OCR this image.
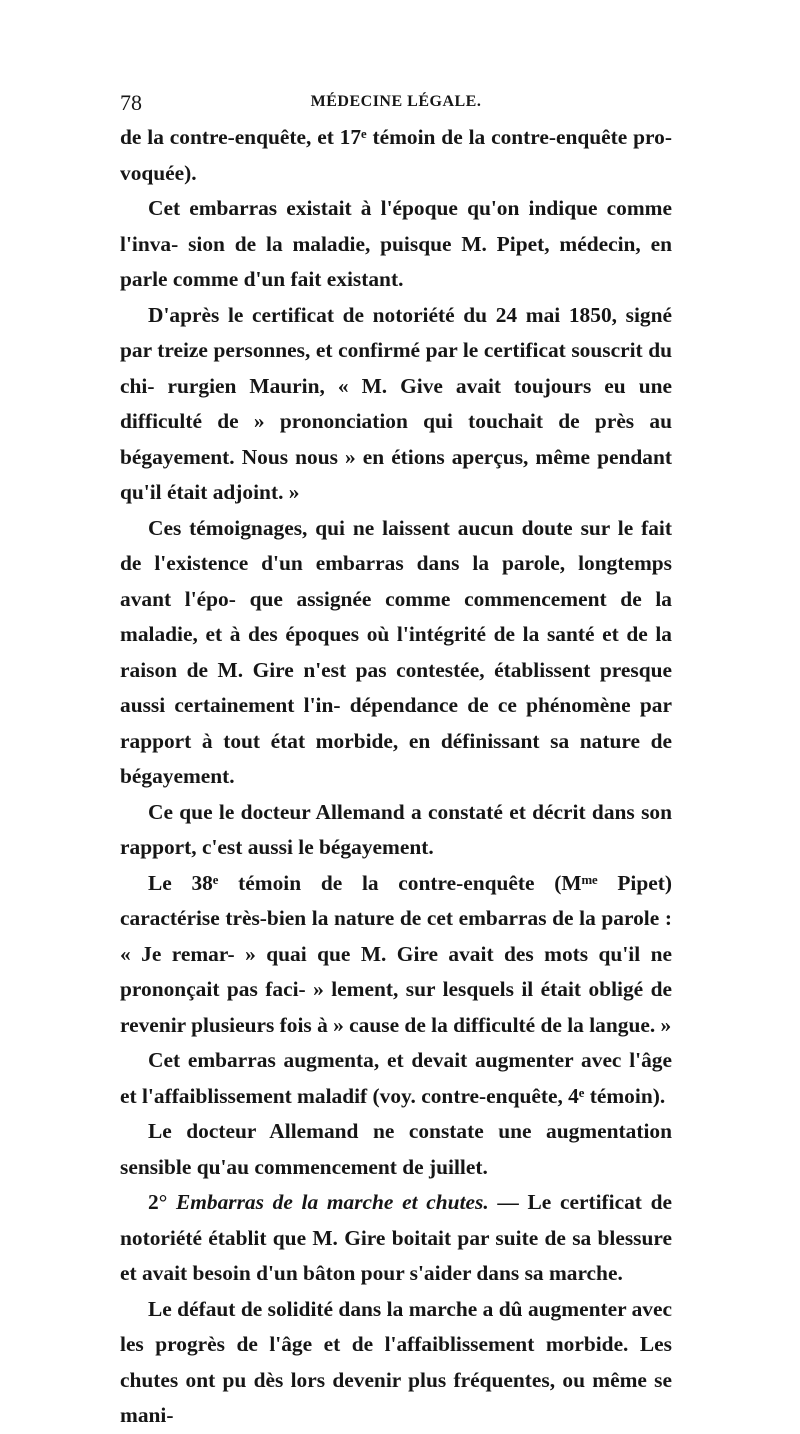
78	MÉDECINE LÉGALE.

de la contre-enquête, et 17ᵉ témoin de la contre-enquête pro- voquée).

Cet embarras existait à l'époque qu'on indique comme l'inva- sion de la maladie, puisque M. Pipet, médecin, en parle comme d'un fait existant.

D'après le certificat de notoriété du 24 mai 1850, signé par treize personnes, et confirmé par le certificat souscrit du chi- rurgien Maurin, « M. Give avait toujours eu une difficulté de » prononciation qui touchait de près au bégayement. Nous nous » en étions aperçus, même pendant qu'il était adjoint. »

Ces témoignages, qui ne laissent aucun doute sur le fait de l'existence d'un embarras dans la parole, longtemps avant l'épo- que assignée comme commencement de la maladie, et à des époques où l'intégrité de la santé et de la raison de M. Gire n'est pas contestée, établissent presque aussi certainement l'in- dépendance de ce phénomène par rapport à tout état morbide, en définissant sa nature de bégayement.

Ce que le docteur Allemand a constaté et décrit dans son rapport, c'est aussi le bégayement.

Le 38ᵉ témoin de la contre-enquête (Mᵐᵉ Pipet) caractérise très-bien la nature de cet embarras de la parole : « Je remar- » quai que M. Gire avait des mots qu'il ne prononçait pas faci- » lement, sur lesquels il était obligé de revenir plusieurs fois à » cause de la difficulté de la langue. »

Cet embarras augmenta, et devait augmenter avec l'âge et l'affaiblissement maladif (voy. contre-enquête, 4ᵉ témoin).

Le docteur Allemand ne constate une augmentation sensible qu'au commencement de juillet.

2° Embarras de la marche et chutes. — Le certificat de notoriété établit que M. Gire boitait par suite de sa blessure et avait besoin d'un bâton pour s'aider dans sa marche.

Le défaut de solidité dans la marche a dû augmenter avec les progrès de l'âge et de l'affaiblissement morbide. Les chutes ont pu dès lors devenir plus fréquentes, ou même se mani-
